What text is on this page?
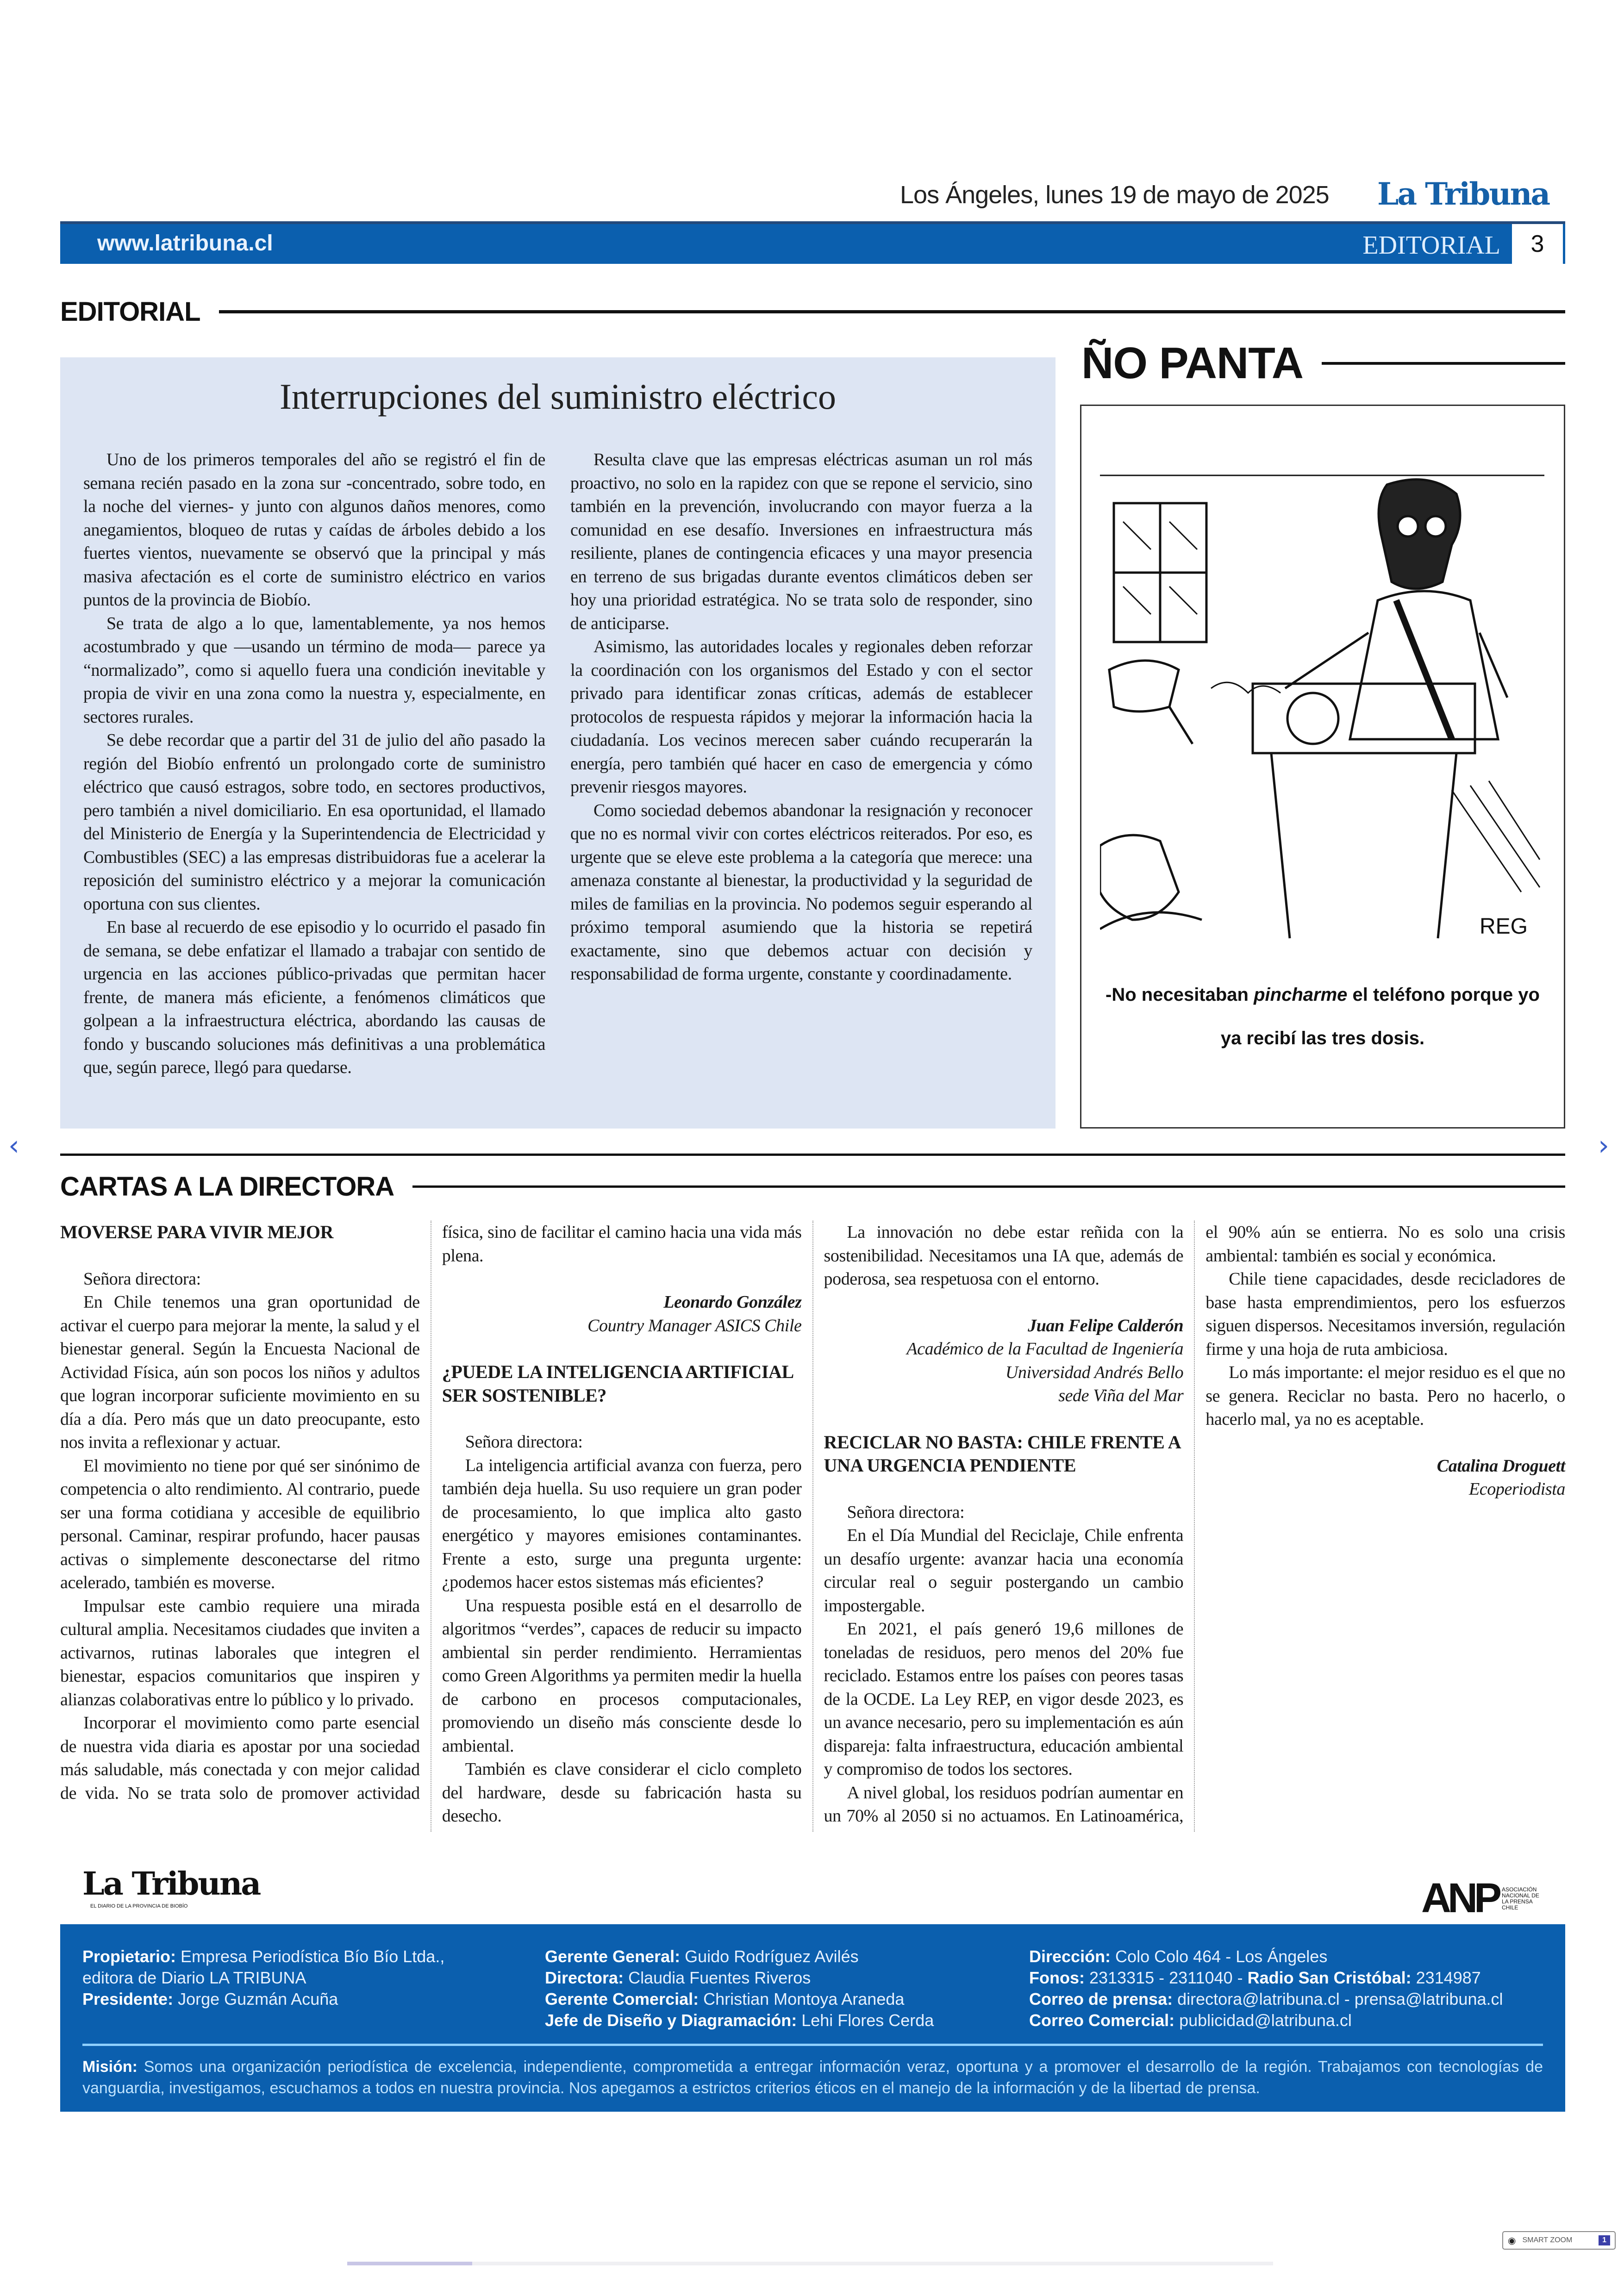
Los Ángeles, lunes 19 de mayo de 2025 La Tribuna
www.latribuna.cl	EDITORIAL	3
EDITORIAL
Interrupciones del suministro eléctrico

Uno de los primeros temporales del año se registró el fin de semana recién pasado en la zona sur -concentrado, sobre todo, en la noche del viernes- y junto con algunos daños menores, como anegamientos, bloqueo de rutas y caídas de árboles debido a los fuertes vientos, nuevamente se observó que la principal y más masiva afectación es el corte de suministro eléctrico en varios puntos de la provincia de Biobío.

Se trata de algo a lo que, lamentablemente, ya nos hemos acostumbrado y que —usando un término de moda— parece ya “normalizado”, como si aquello fuera una condición inevitable y propia de vivir en una zona como la nuestra y, especialmente, en sectores rurales.

Se debe recordar que a partir del 31 de julio del año pasado la región del Biobío enfrentó un prolongado corte de suministro eléctrico que causó estragos, sobre todo, en sectores productivos, pero también a nivel domiciliario. En esa oportunidad, el llamado del Ministerio de Energía y la Superintendencia de Electricidad y Combustibles (SEC) a las empresas distribuidoras fue a acelerar la reposición del suministro eléctrico y a mejorar la comunicación oportuna con sus clientes.

En base al recuerdo de ese episodio y lo ocurrido el pasado fin de semana, se debe enfatizar el llamado a trabajar con sentido de urgencia en las acciones público-privadas que permitan hacer frente, de manera más eficiente, a fenómenos climáticos que golpean a la infraestructura eléctrica, abordando las causas de fondo y buscando soluciones más definitivas a una problemática que, según parece, llegó para quedarse.

Resulta clave que las empresas eléctricas asuman un rol más proactivo, no solo en la rapidez con que se repone el servicio, sino también en la prevención, involucrando con mayor fuerza a la comunidad en ese desafío. Inversiones en infraestructura más resiliente, planes de contingencia eficaces y una mayor presencia en terreno de sus brigadas durante eventos climáticos deben ser hoy una prioridad estratégica. No se trata solo de responder, sino de anticiparse.

Asimismo, las autoridades locales y regionales deben reforzar la coordinación con los organismos del Estado y con el sector privado para identificar zonas críticas, además de establecer protocolos de respuesta rápidos y mejorar la información hacia la ciudadanía. Los vecinos merecen saber cuándo recuperarán la energía, pero también qué hacer en caso de emergencia y cómo prevenir riesgos mayores.

Como sociedad debemos abandonar la resignación y reconocer que no es normal vivir con cortes eléctricos reiterados. Por eso, es urgente que se eleve este problema a la categoría que merece: una amenaza constante al bienestar, la productividad y la seguridad de miles de familias en la provincia. No podemos seguir esperando al próximo temporal asumiendo que la historia se repetirá exactamente, sino que debemos actuar con decisión y responsabilidad de forma urgente, constante y coordinadamente.

ÑO PANTA
REG
-No necesitaban pincharme el teléfono porque yo ya recibí las tres dosis.
‹	›
CARTAS A LA DIRECTORA
MOVERSE PARA VIVIR MEJOR

Señora directora:

En Chile tenemos una gran oportunidad de activar el cuerpo para mejorar la mente, la salud y el bienestar general. Según la Encuesta Nacional de Actividad Física, aún son pocos los niños y adultos que logran incorporar suficiente movimiento en su día a día. Pero más que un dato preocupante, esto nos invita a reflexionar y actuar.

El movimiento no tiene por qué ser sinónimo de competencia o alto rendimiento. Al contrario, puede ser una forma cotidiana y accesible de equilibrio personal. Caminar, respirar profundo, hacer pausas activas o simplemente desconectarse del ritmo acelerado, también es moverse.

Impulsar este cambio requiere una mirada cultural amplia. Necesitamos ciudades que inviten a activarnos, rutinas laborales que integren el bienestar, espacios comunitarios que inspiren y alianzas colaborativas entre lo público y lo privado.

Incorporar el movimiento como parte esencial de nuestra vida diaria es apostar por una sociedad más saludable, más conectada y con mejor calidad de vida. No se trata solo de promover actividad física, sino de facilitar el camino hacia una vida más plena.

Leonardo González

Country Manager ASICS Chile

¿PUEDE LA INTELIGENCIA ARTIFICIAL SER SOSTENIBLE?

Señora directora:

La inteligencia artificial avanza con fuerza, pero también deja huella. Su uso requiere un gran poder de procesamiento, lo que implica alto gasto energético y mayores emisiones contaminantes. Frente a esto, surge una pregunta urgente: ¿podemos hacer estos sistemas más eficientes?

Una respuesta posible está en el desarrollo de algoritmos “verdes”, capaces de reducir su impacto ambiental sin perder rendimiento. Herramientas como Green Algorithms ya permiten medir la huella de carbono en procesos computacionales, promoviendo un diseño más consciente desde lo ambiental.

También es clave considerar el ciclo completo del hardware, desde su fabricación hasta su desecho.

La innovación no debe estar reñida con la sostenibilidad. Necesitamos una IA que, además de poderosa, sea respetuosa con el entorno.

Juan Felipe Calderón

Académico de la Facultad de Ingeniería

Universidad Andrés Bello

sede Viña del Mar

RECICLAR NO BASTA: CHILE FRENTE A UNA URGENCIA PENDIENTE

Señora directora:

En el Día Mundial del Reciclaje, Chile enfrenta un desafío urgente: avanzar hacia una economía circular real o seguir postergando un cambio impostergable.

En 2021, el país generó 19,6 millones de toneladas de residuos, pero menos del 20% fue reciclado. Estamos entre los países con peores tasas de la OCDE. La Ley REP, en vigor desde 2023, es un avance necesario, pero su implementación es aún dispareja: falta infraestructura, educación ambiental y compromiso de todos los sectores.

A nivel global, los residuos podrían aumentar en un 70% al 2050 si no actuamos. En Latinoamérica, el 90% aún se entierra. No es solo una crisis ambiental: también es social y económica.

Chile tiene capacidades, desde recicladores de base hasta emprendimientos, pero los esfuerzos siguen dispersos. Necesitamos inversión, regulación firme y una hoja de ruta ambiciosa.

Lo más importante: el mejor residuo es el que no se genera. Reciclar no basta. Pero no hacerlo, o hacerlo mal, ya no es aceptable.

Catalina Droguett

Ecoperiodista

La Tribuna
EL DIARIO DE LA PROVINCIA DE BIOBÍO	ANP ASOCIACIÓN NACIONAL DE LA PRENSA CHILE
Propietario: Empresa Periodística Bío Bío Ltda., editora de Diario LA TRIBUNA
Presidente: Jorge Guzmán Acuña
Gerente General: Guido Rodríguez Avilés
Directora: Claudia Fuentes Riveros
Gerente Comercial: Christian Montoya Araneda
Jefe de Diseño y Diagramación: Lehi Flores Cerda
Dirección: Colo Colo 464 - Los Ángeles
Fonos: 2313315 - 2311040 - Radio San Cristóbal: 2314987
Correo de prensa: directora@latribuna.cl - prensa@latribuna.cl
Correo Comercial: publicidad@latribuna.cl
Misión: Somos una organización periodística de excelencia, independiente, comprometida a entregar información veraz, oportuna y a promover el desarrollo de la región. Trabajamos con tecnologías de vanguardia, investigamos, escuchamos a todos en nuestra provincia. Nos apegamos a estrictos criterios éticos en el manejo de la información y de la libertad de prensa.
◉ SMART ZOOM	1
